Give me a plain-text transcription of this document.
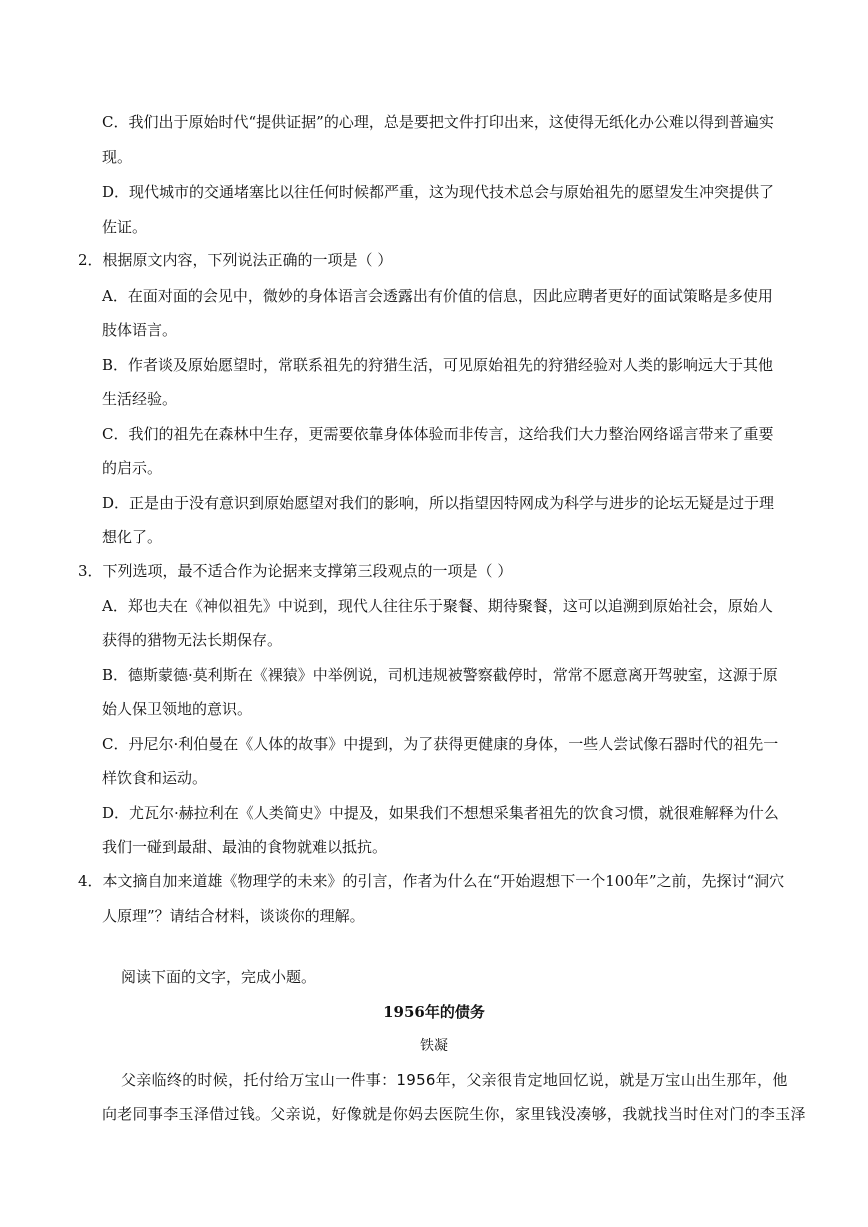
C．我们出于原始时代“提供证据”的心理，总是要把文件打印出来，这使得无纸化办公难以得到普遍实
现。
D．现代城市的交通堵塞比以往任何时候都严重，这为现代技术总会与原始祖先的愿望发生冲突提供了
佐证。
2．根据原文内容，下列说法正确的一项是（ ）
A．在面对面的会见中，微妙的身体语言会透露出有价值的信息，因此应聘者更好的面试策略是多使用
肢体语言。
B．作者谈及原始愿望时，常联系祖先的狩猎生活，可见原始祖先的狩猎经验对人类的影响远大于其他
生活经验。
C．我们的祖先在森林中生存，更需要依靠身体体验而非传言，这给我们大力整治网络谣言带来了重要
的启示。
D．正是由于没有意识到原始愿望对我们的影响，所以指望因特网成为科学与进步的论坛无疑是过于理
想化了。
3．下列选项，最不适合作为论据来支撑第三段观点的一项是（ ）
A．郑也夫在《神似祖先》中说到，现代人往往乐于聚餐、期待聚餐，这可以追溯到原始社会，原始人
获得的猎物无法长期保存。
B．德斯蒙德·莫利斯在《裸猿》中举例说，司机违规被警察截停时，常常不愿意离开驾驶室，这源于原
始人保卫领地的意识。
C．丹尼尔·利伯曼在《人体的故事》中提到，为了获得更健康的身体，一些人尝试像石器时代的祖先一
样饮食和运动。
D．尤瓦尔·赫拉利在《人类简史》中提及，如果我们不想想采集者祖先的饮食习惯，就很难解释为什么
我们一碰到最甜、最油的食物就难以抵抗。
4．本文摘自加来道雄《物理学的未来》的引言，作者为什么在“开始遐想下一个100年”之前，先探讨“洞穴
人原理”？请结合材料，谈谈你的理解。
阅读下面的文字，完成小题。
1956年的债务
铁凝
父亲临终的时候，托付给万宝山一件事：1956年，父亲很肯定地回忆说，就是万宝山出生那年，他
向老同事李玉泽借过钱。父亲说，好像就是你妈去医院生你，家里钱没凑够，我就找当时住对门的李玉泽
